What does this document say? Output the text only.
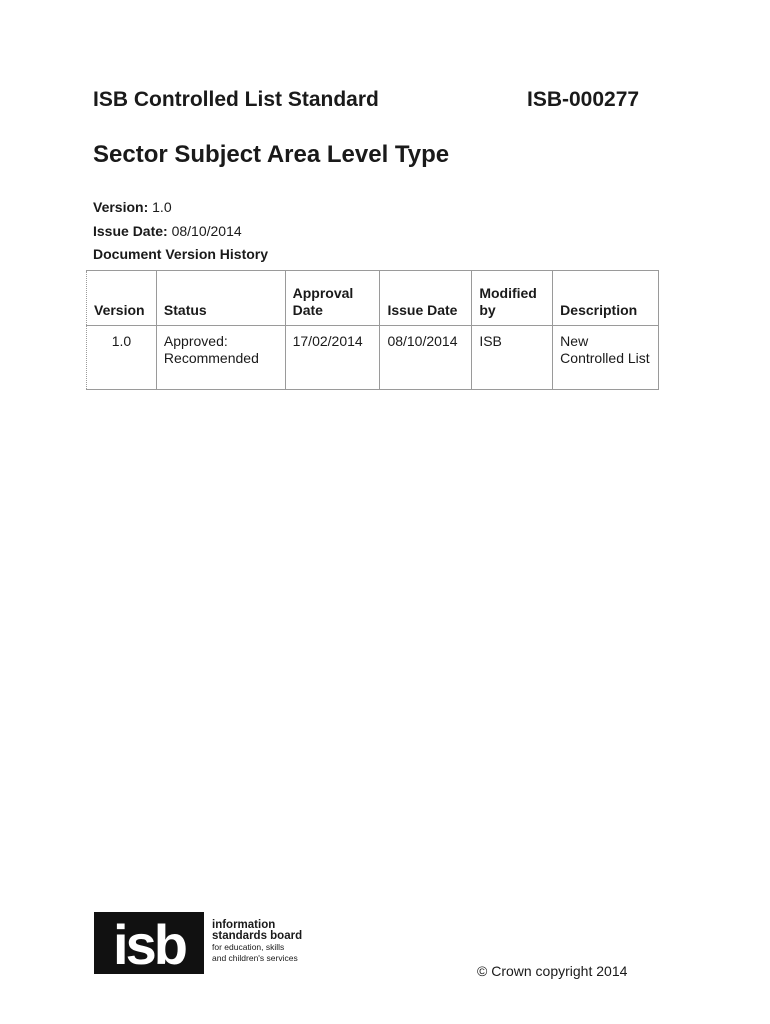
ISB Controlled List Standard	ISB-000277
Sector Subject Area Level Type
Version: 1.0
Issue Date: 08/10/2014
Document Version History
Version	Status	Approval Date	Issue Date	Modified by	Description
1.0	Approved: Recommended	17/02/2014	08/10/2014	ISB	New Controlled List
isb information
standards board
for education, skills
and children's services
© Crown copyright 2014
